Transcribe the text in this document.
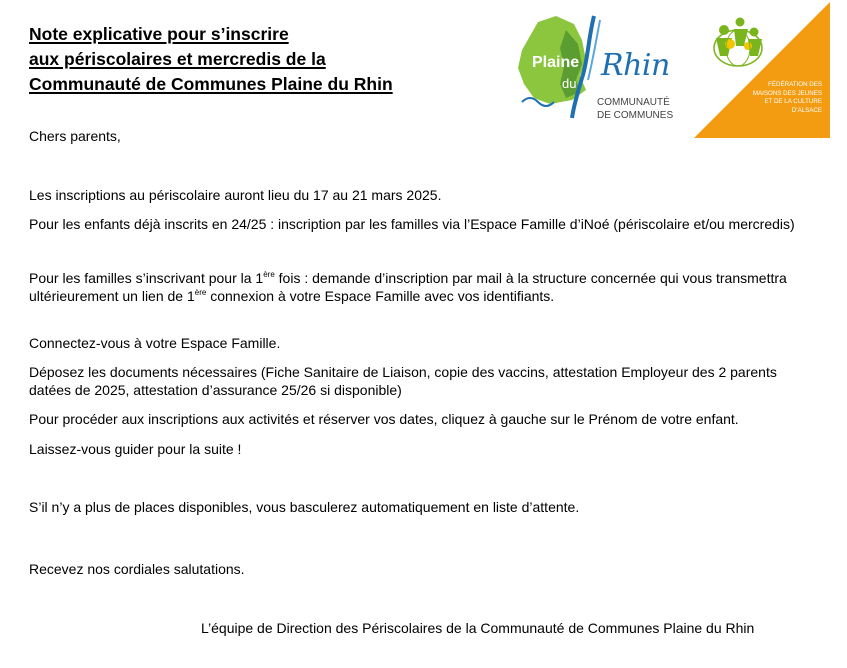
Note explicative pour s’inscrire
aux périscolaires et mercredis de la
Communauté de Communes Plaine du Rhin
Plaine
du
Rhin
COMMUNAUTÉ
DE COMMUNES
FÉDÉRATION DES
MAISONS DES JEUNES
ET DE LA CULTURE
D’ALSACE

Chers parents,

Les inscriptions au périscolaire auront lieu du 17 au 21 mars 2025.

Pour les enfants déjà inscrits en 24/25 : inscription par les familles via l’Espace Famille d’iNoé (périscolaire et/ou mercredis)

Pour les familles s’inscrivant pour la 1ère fois : demande d’inscription par mail à la structure concernée qui vous transmettra ultérieurement un lien de 1ère connexion à votre Espace Famille avec vos identifiants.

Connectez-vous à votre Espace Famille.

Déposez les documents nécessaires (Fiche Sanitaire de Liaison, copie des vaccins, attestation Employeur des 2 parents datées de 2025, attestation d’assurance 25/26 si disponible)

Pour procéder aux inscriptions aux activités et réserver vos dates, cliquez à gauche sur le Prénom de votre enfant.

Laissez-vous guider pour la suite !

S’il n’y a plus de places disponibles, vous basculerez automatiquement en liste d’attente.

Recevez nos cordiales salutations.

L’équipe de Direction des Périscolaires de la Communauté de Communes Plaine du Rhin
